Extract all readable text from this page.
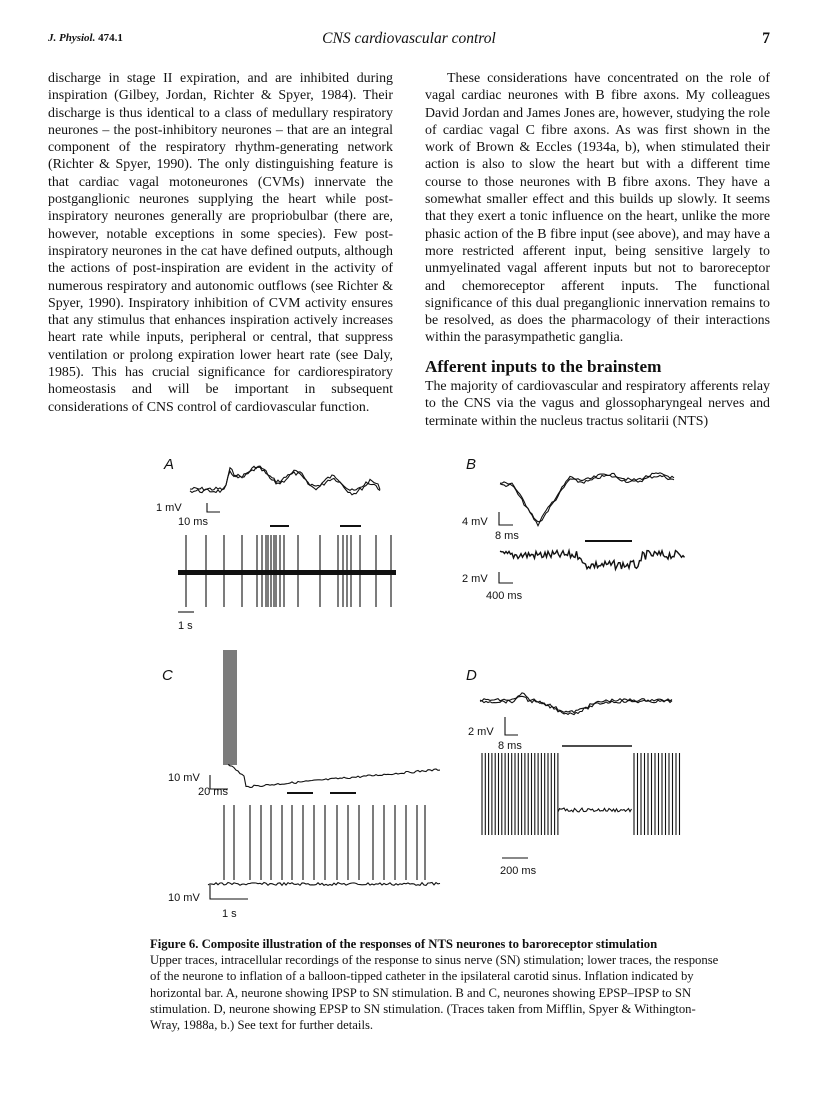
J. Physiol. 474.1	CNS cardiovascular control	7

discharge in stage II expiration, and are inhibited during inspiration (Gilbey, Jordan, Richter & Spyer, 1984). Their discharge is thus identical to a class of medullary respiratory neurones – the post-inhibitory neurones – that are an integral component of the respiratory rhythm-generating network (Richter & Spyer, 1990). The only distinguishing feature is that cardiac vagal motoneurones (CVMs) innervate the postganglionic neurones supplying the heart while post-inspiratory neurones generally are propriobulbar (there are, however, notable exceptions in some species). Few post-inspiratory neurones in the cat have defined outputs, although the actions of post-inspiration are evident in the activity of numerous respiratory and autonomic outflows (see Richter & Spyer, 1990). Inspiratory inhibition of CVM activity ensures that any stimulus that enhances inspiration actively increases heart rate while inputs, peripheral or central, that suppress ventilation or prolong expiration lower heart rate (see Daly, 1985). This has crucial significance for cardiorespiratory homeostasis and will be important in subsequent considerations of CNS control of cardiovascular function.

These considerations have concentrated on the role of vagal cardiac neurones with B fibre axons. My colleagues David Jordan and James Jones are, however, studying the role of cardiac vagal C fibre axons. As was first shown in the work of Brown & Eccles (1934a, b), when stimulated their action is also to slow the heart but with a different time course to those neurones with B fibre axons. They have a somewhat smaller effect and this builds up slowly. It seems that they exert a tonic influence on the heart, unlike the more phasic action of the B fibre input (see above), and may have a more restricted afferent input, being sensitive largely to unmyelinated vagal afferent inputs but not to baroreceptor and chemoreceptor afferent inputs. The functional significance of this dual preganglionic innervation remains to be resolved, as does the pharmacology of their interactions within the parasympathetic ganglia.

Afferent inputs to the brainstem

The majority of cardiovascular and respiratory afferents relay to the CNS via the vagus and glossopharyngeal nerves and terminate within the nucleus tractus solitarii (NTS)

A
1 mV
10 ms
1 s
B
4 mV
8 ms
2 mV
400 ms
C
10 mV
20 ms
10 mV
1 s
D
2 mV
8 ms
200 ms
Figure 6. Composite illustration of the responses of NTS neurones to baroreceptor stimulation
Upper traces, intracellular recordings of the response to sinus nerve (SN) stimulation; lower traces, the response of the neurone to inflation of a balloon-tipped catheter in the ipsilateral carotid sinus. Inflation indicated by horizontal bar. A, neurone showing IPSP to SN stimulation. B and C, neurones showing EPSP–IPSP to SN stimulation. D, neurone showing EPSP to SN stimulation. (Traces taken from Mifflin, Spyer & Withington-Wray, 1988a, b.) See text for further details.
